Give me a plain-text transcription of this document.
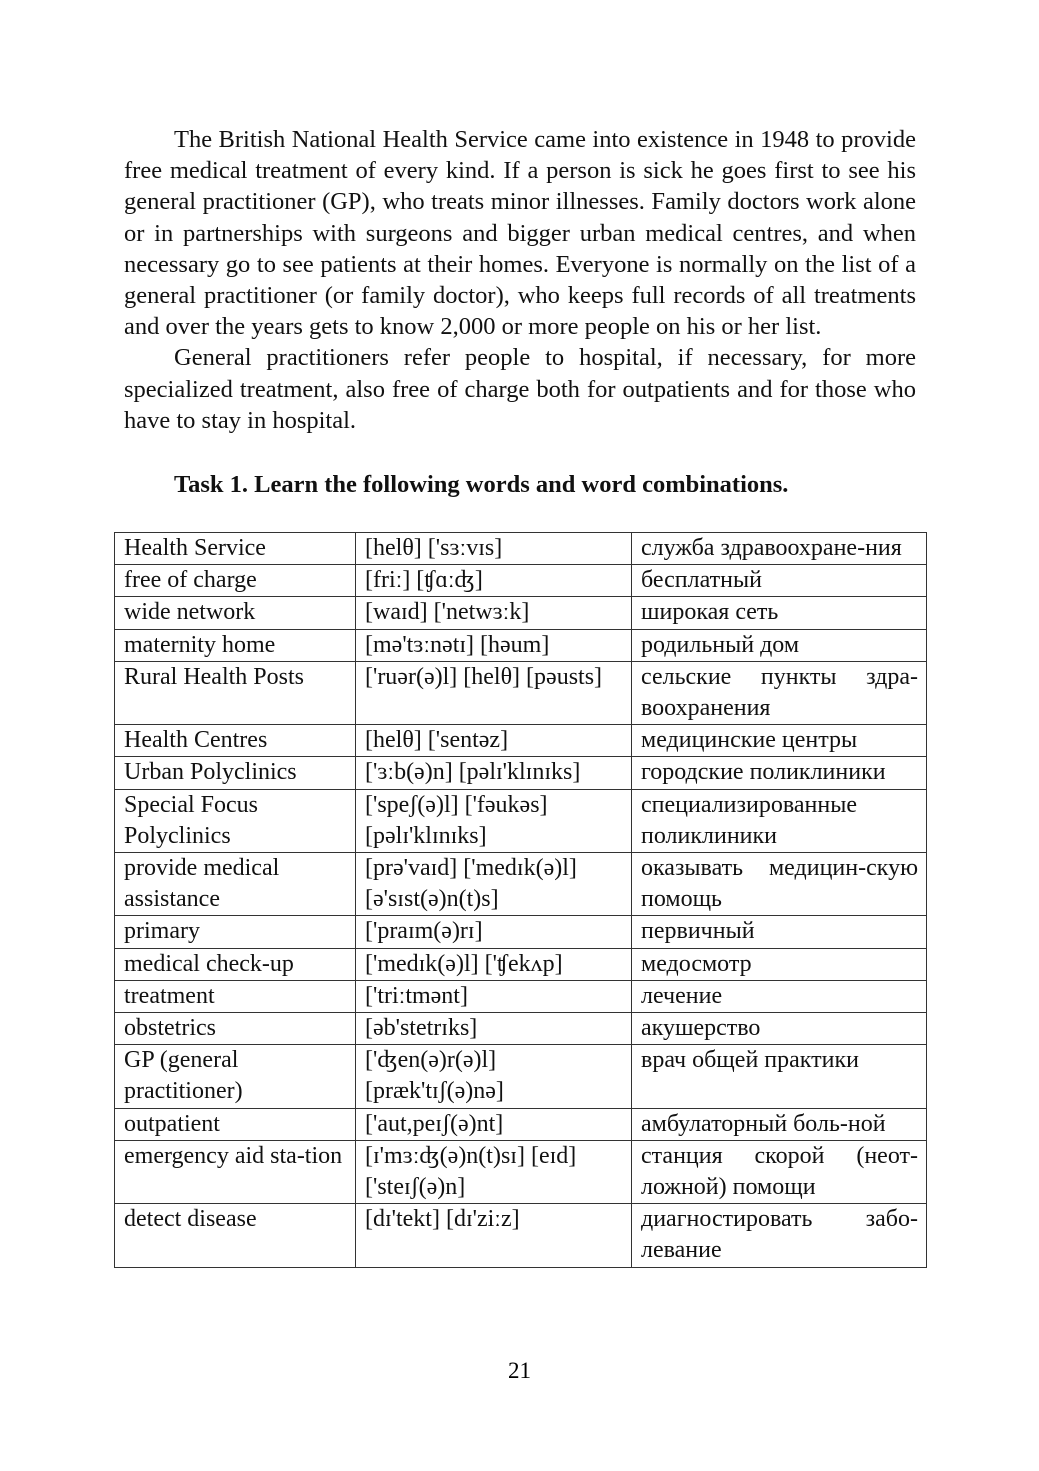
The British National Health Service came into existence in 1948 to provide free medical treatment of every kind. If a person is sick he goes first to see his general practitioner (GP), who treats minor illnesses. Family doctors work alone or in partnerships with surgeons and bigger urban medical centres, and when necessary go to see patients at their homes. Everyone is normally on the list of a general practitioner (or family doctor), who keeps full records of all treatments and over the years gets to know 2,000 or more people on his or her list.

General practitioners refer people to hospital, if necessary, for more specialized treatment, also free of charge both for outpatients and for those who have to stay in hospital.

Task 1. Learn the following words and word combinations.

Health Service	[helθ] ['sɜːvɪs]	служба здравоохране-ния
free of charge	[friː] [ʧɑːʤ]	бесплатный
wide network	[waɪd] ['netwɜːk]	широкая сеть
maternity home	[mə'tɜːnətɪ] [həum]	родильный дом
Rural Health Posts	['ruər(ə)l] [helθ] [pəusts]	сельские пункты здра-воохранения
Health Centres	[helθ] ['sentəz]	медицинские центры
Urban Polyclinics	['ɜːb(ə)n] [pəlɪ'klɪnɪks]	городские поликлиники
Special Focus Polyclinics	['speʃ(ə)l] ['fəukəs] [pəlɪ'klɪnɪks]	специализированные поликлиники
provide medical assistance	[prə'vaɪd] ['medɪk(ə)l] [ə'sɪst(ə)n(t)s]	оказывать медицин-скую помощь
primary	['praɪm(ə)rɪ]	первичный
medical check-up	['medɪk(ə)l] ['ʧekʌp]	медосмотр
treatment	['triːtmənt]	лечение
obstetrics	[əb'stetrɪks]	акушерство
GP (general practitioner)	['ʤen(ə)r(ə)l] [præk'tɪʃ(ə)nə]	врач общей практики
outpatient	['aut,peɪʃ(ə)nt]	амбулаторный боль-ной
emergency aid sta-tion	[ɪ'mɜːʤ(ə)n(t)sɪ] [eɪd] ['steɪʃ(ə)n]	станция скорой (неот-ложной) помощи
detect disease	[dɪ'tekt] [dɪ'ziːz]	диагностировать забо-левание
21
